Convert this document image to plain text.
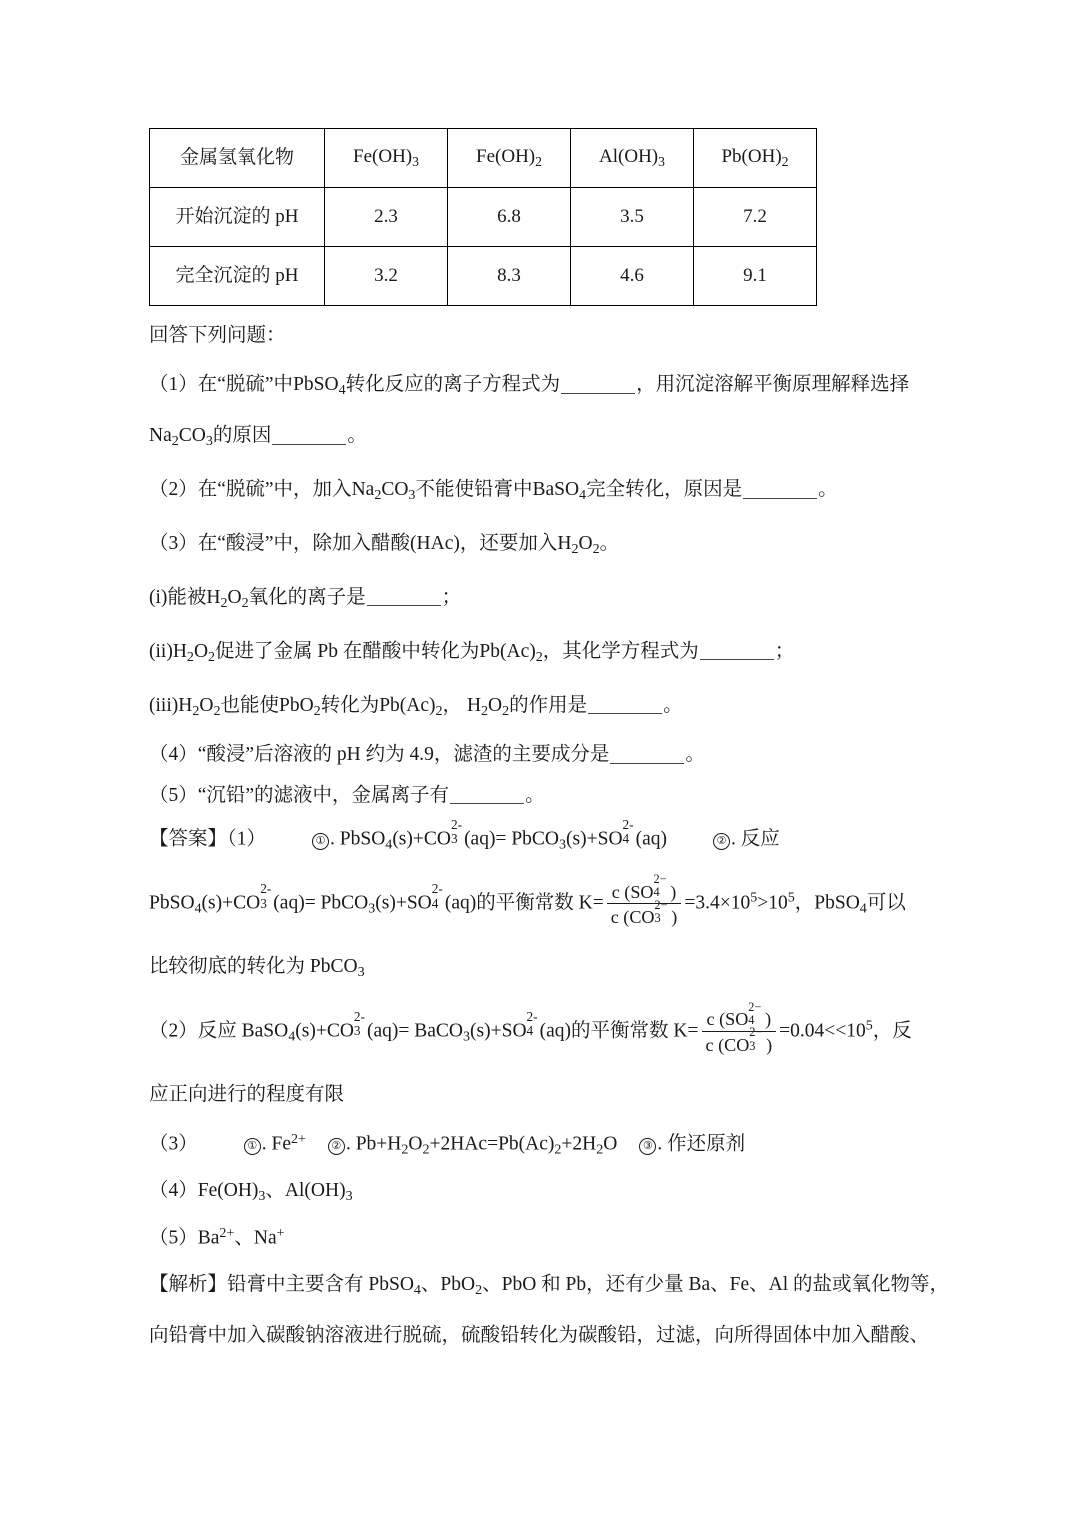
金属氢氧化物	$Fe(OH)_3$	$Fe(OH)_2$	$Al(OH)_3$	$Pb(OH)_2$
开始沉淀的 pH	2.3	6.8	3.5	7.2
完全沉淀的 pH	3.2	8.3	4.6	9.1

回答下列问题：

（1）在“脱硫”中PbSO$_4$转化反应的离子方程式为	，用沉淀溶解平衡原理解释选择

$Na_2CO_3$的原因	。

（2）在“脱硫”中，加入$Na_2CO_3$不能使铅膏中BaSO$_4$完全转化，原因是	。

（3）在“酸浸”中，除加入醋酸(HAc)，还要加入$H_2O_2$。

(i)能被$H_2O_2$氧化的离子是	；

$(ii)H_2O_2$促进了金属 Pb 在醋酸中转化为$Pb(Ac)_2$，其化学方程式为	；

$(iii)H_2O_2$也能使PbO$_2$转化为$Pb(Ac)_2$， $H_2O_2$的作用是	。

（4）“酸浸”后溶液的 pH 约为 4.9，滤渣的主要成分是	。

（5）“沉铅”的滤液中，金属离子有	。

【答案】（1）	① . PbSO$_4$(s)+CO
2-
3 (aq)= PbCO$_3$(s)+SO
2-
4 (aq)	② . 反应

PbSO$_4$(s)+CO
2-
3 (aq)= PbCO$_3$(s)+SO
2-
4 (aq)的平衡常数 K= c (SO
2−
4 )
c (CO
2−
3 ) $=3.4\times 10^5>10^5$，PbSO$_4$可以

比较彻底的转化为 PbCO$_3$

（2）反应 BaSO$_4$(s)+CO
2-
3 (aq)= BaCO$_3$(s)+SO
2-
4 (aq)的平衡常数 K= c (SO
2−
4 )
c (CO
2−
3 ) $=0.04<<10^5$，反

应正向进行的程度有限

（3）	① . $Fe^{2+}$ ② . $Pb+H_2O_2+2HAc=Pb(Ac)_2+2H_2O$ ③ . 作还原剂

$(4)Fe(OH)_3$、$Al(OH)_3$

$(5)Ba^{2+}$、Na+

【解析】铅膏中主要含有 PbSO$_4$、PbO$_2$、PbO 和 Pb，还有少量 Ba、Fe、Al 的盐或氧化物等，

向铅膏中加入碳酸钠溶液进行脱硫，硫酸铅转化为碳酸铅，过滤，向所得固体中加入醋酸、
